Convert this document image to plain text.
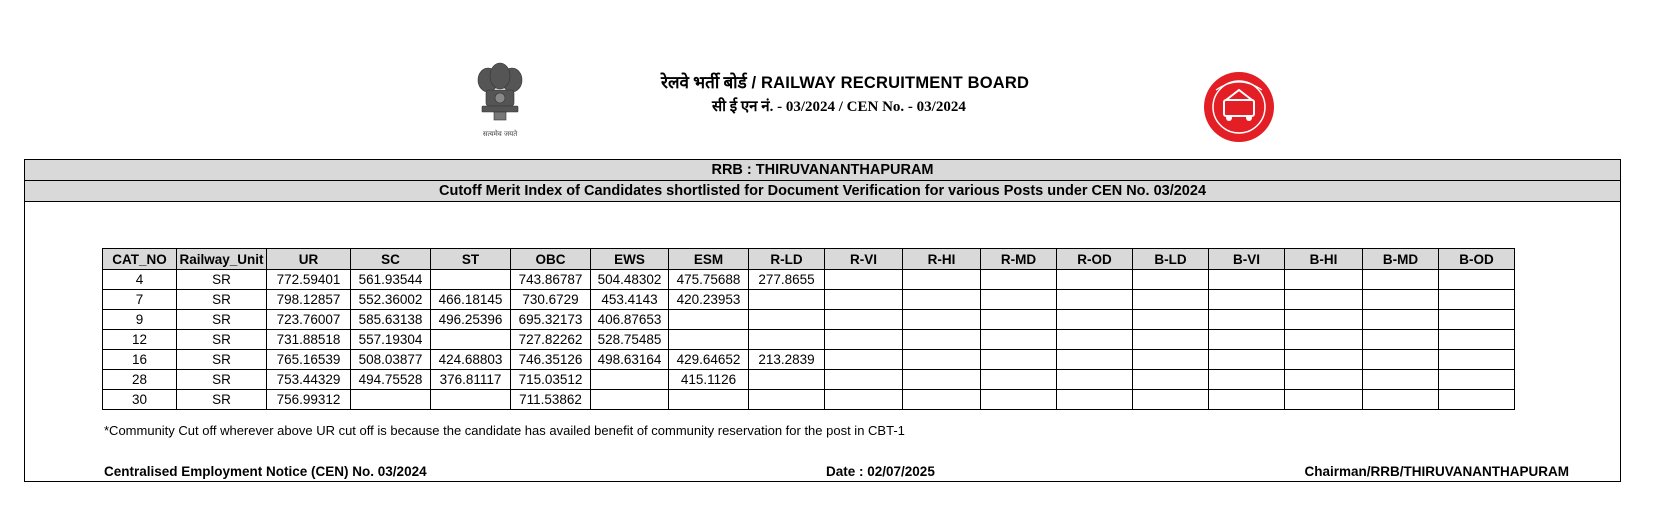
सत्यमेव जयते
रेलवे भर्ती बोर्ड / RAILWAY RECRUITMENT BOARD
सी ई एन नं. - 03/2024 / CEN No. - 03/2024
RRB : THIRUVANANTHAPURAM
Cutoff Merit Index of Candidates shortlisted for Document Verification for various Posts under CEN No. 03/2024
CAT_NO	Railway_Unit	UR	SC	ST	OBC	EWS	ESM	R-LD	R-VI	R-HI	R-MD	R-OD	B-LD	B-VI	B-HI	B-MD	B-OD
4	SR	772.59401	561.93544		743.86787	504.48302	475.75688	277.8655									
7	SR	798.12857	552.36002	466.18145	730.6729	453.4143	420.23953										
9	SR	723.76007	585.63138	496.25396	695.32173	406.87653											
12	SR	731.88518	557.19304		727.82262	528.75485											
16	SR	765.16539	508.03877	424.68803	746.35126	498.63164	429.64652	213.2839									
28	SR	753.44329	494.75528	376.81117	715.03512		415.1126										
30	SR	756.99312			711.53862												
*Community Cut off wherever above UR cut off is because the candidate has availed benefit of community reservation for the post in CBT-1
Centralised Employment Notice (CEN) No. 03/2024	Date : 02/07/2025	Chairman/RRB/THIRUVANANTHAPURAM
